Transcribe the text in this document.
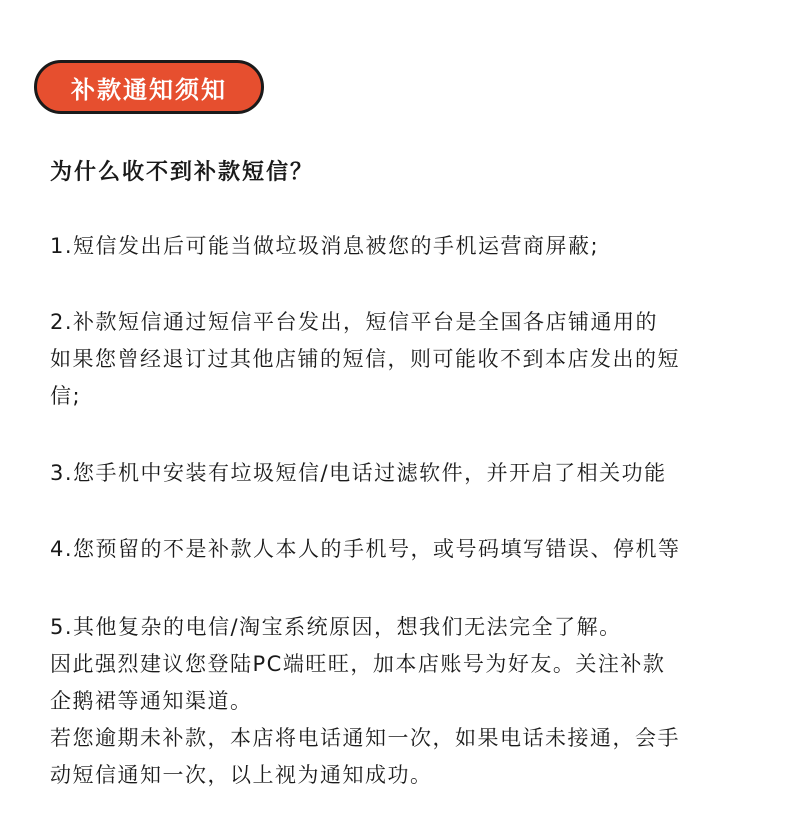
补款通知须知
为什么收不到补款短信？

1.短信发出后可能当做垃圾消息被您的手机运营商屏蔽;

2.补款短信通过短信平台发出，短信平台是全国各店铺通用的
如果您曾经退订过其他店铺的短信，则可能收不到本店发出的短
信;

3.您手机中安装有垃圾短信/电话过滤软件，并开启了相关功能

4.您预留的不是补款人本人的手机号，或号码填写错误、停机等

5.其他复杂的电信/淘宝系统原因，想我们无法完全了解。
因此强烈建议您登陆PC端旺旺，加本店账号为好友。关注补款
企鹅裙等通知渠道。
若您逾期未补款，本店将电话通知一次，如果电话未接通，会手
动短信通知一次，以上视为通知成功。
